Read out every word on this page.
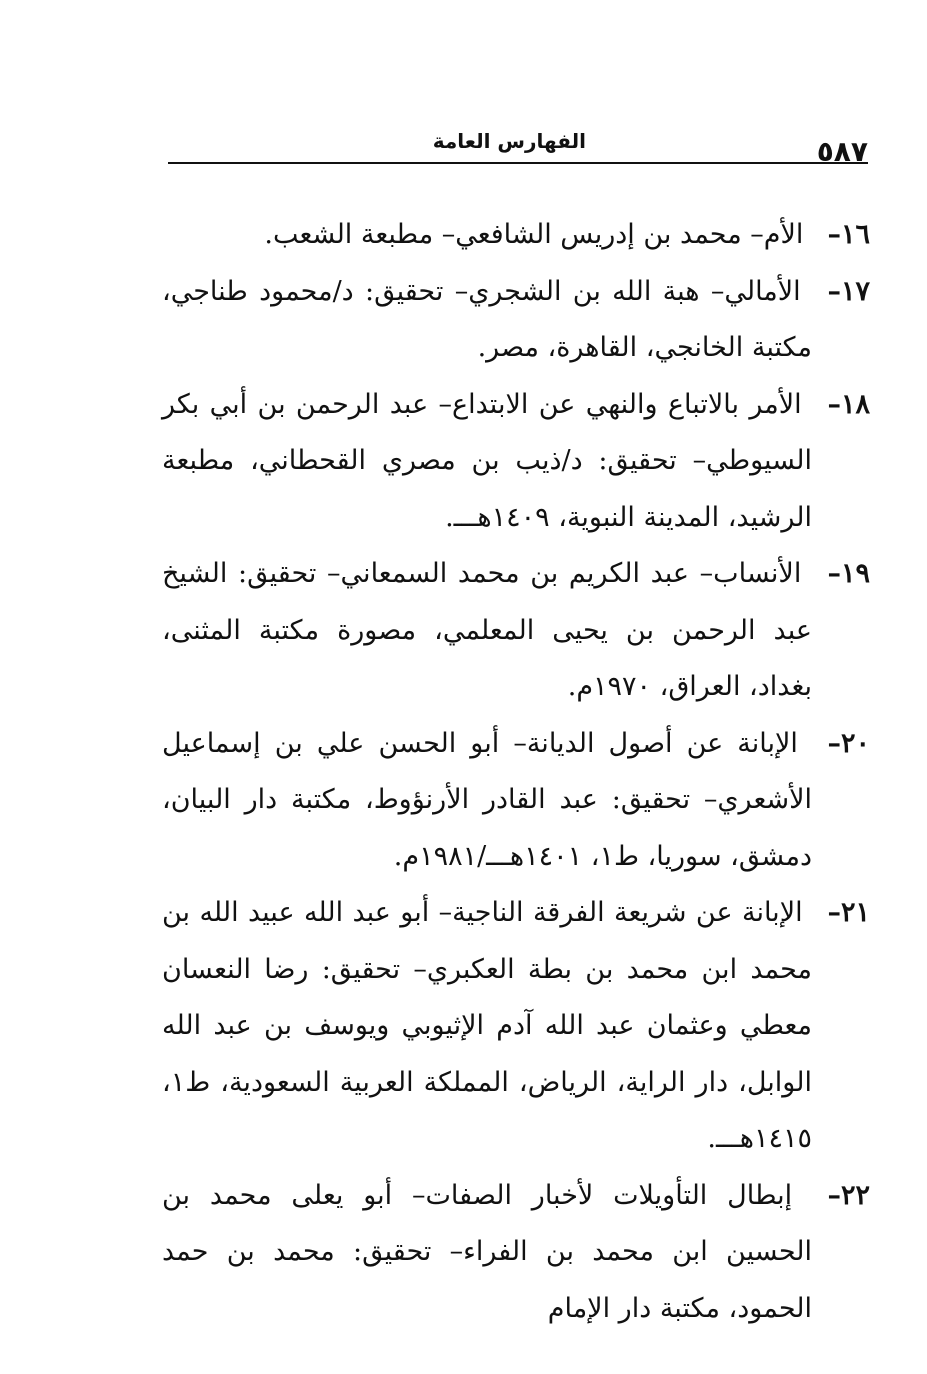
٥٨٧
الفهارس العامة

١٦– الأم– محمد بن إدريس الشافعي– مطبعة الشعب.

١٧– الأمالي– هبة الله بن الشجري– تحقيق: د/محمود طناجي، مكتبة الخانجي، القاهرة، مصر.

١٨– الأمر بالاتباع والنهي عن الابتداع– عبد الرحمن بن أبي بكر السيوطي– تحقيق: د/ذيب بن مصري القحطاني، مطبعة الرشيد، المدينة النبوية، ١٤٠٩هـــ.

١٩– الأنساب– عبد الكريم بن محمد السمعاني– تحقيق: الشيخ عبد الرحمن بن يحيى المعلمي، مصورة مكتبة المثنى، بغداد، العراق، ١٩٧٠م.

٢٠– الإبانة عن أصول الديانة– أبو الحسن علي بن إسماعيل الأشعري– تحقيق: عبد القادر الأرنؤوط، مكتبة دار البيان، دمشق، سوريا، ط١، ١٤٠١هـــ/١٩٨١م.

٢١– الإبانة عن شريعة الفرقة الناجية– أبو عبد الله عبيد الله بن محمد ابن محمد بن بطة العكبري– تحقيق: رضا النعسان معطي وعثمان عبد الله آدم الإثيوبي ويوسف بن عبد الله الوابل، دار الراية، الرياض، المملكة العربية السعودية، ط١، ١٤١٥هـــ.

٢٢– إبطال التأويلات لأخبار الصفات– أبو يعلى محمد بن الحسين ابن محمد بن الفراء– تحقيق: محمد بن حمد الحمود، مكتبة دار الإمام
